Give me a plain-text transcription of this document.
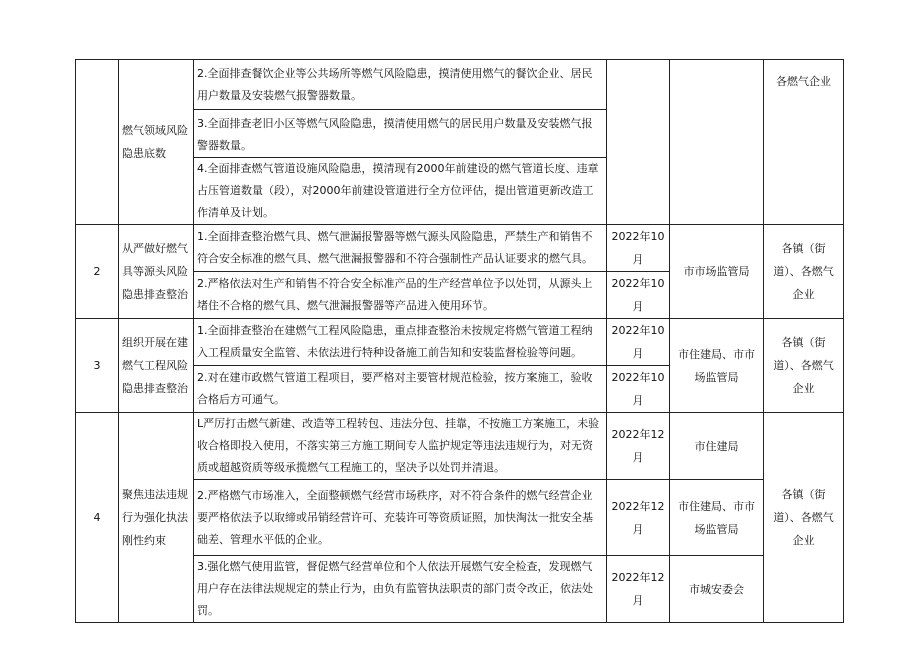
	燃气领域风险隐患底数	2.全面排查餐饮企业等公共场所等燃气风险隐患，摸清使用燃气的餐饮企业、居民用户数量及安装燃气报警器数量。			各燃气企业

		3.全面排查老旧小区等燃气风险隐患，摸清使用燃气的居民用户数量及安装燃气报警器数量。			

		4.全面排查燃气管道设施风险隐患，摸清现有2000年前建设的燃气管道长度、违章占压管道数量（段），对2000年前建设管道进行全方位评估，提出管道更新改造工作清单及计划。			

2	从严做好燃气具等源头风险隐患排查整治	1.全面排查整治燃气具、燃气泄漏报警器等燃气源头风险隐患，严禁生产和销售不符合安全标准的燃气具、燃气泄漏报警器和不符合强制性产品认证要求的燃气具。	2022年10月	市市场监管局	各镇（街道）、各燃气企业

		2.严格依法对生产和销售不符合安全标准产品的生产经营单位予以处罚，从源头上堵住不合格的燃气具、燃气泄漏报警器等产品进入使用环节。	2022年10月		
3	组织开展在建燃气工程风险隐患排查整治	1.全面排查整治在建燃气工程风险隐患，重点排查整治未按规定将燃气管道工程纳入工程质量安全监管、未依法进行特种设备施工前告知和安装监督检验等问题。	2022年10月	市住建局、市市场监管局	各镇（街道）、各燃气企业

		2.对在建市政燃气管道工程项目，要严格对主要管材规范检验，按方案施工，验收合格后方可通气。	2022年10月		
4	聚焦违法违规行为强化执法刚性约束	L严厉打击燃气新建、改造等工程转包、违法分包、挂靠，不按施工方案施工，未验收合格即投入使用，不落实第三方施工期间专人监护规定等违法违规行为，对无资质或超越资质等级承揽燃气工程施工的，坚决予以处罚并清退。	2022年12月	市住建局	各镇（街道）、各燃气企业

		2.严格燃气市场准入，全面整顿燃气经营市场秩序，对不符合条件的燃气经营企业要严格依法予以取缔或吊销经营许可、充装许可等资质证照，加快淘汰一批安全基础差、管理水平低的企业。	2022年12月	市住建局、市市场监管局	

		3.强化燃气使用监管，督促燃气经营单位和个人依法开展燃气安全检查，发现燃气用户存在法律法规规定的禁止行为，由负有监管执法职责的部门责令改正，依法处罚。	2022年12月	市城安委会	
